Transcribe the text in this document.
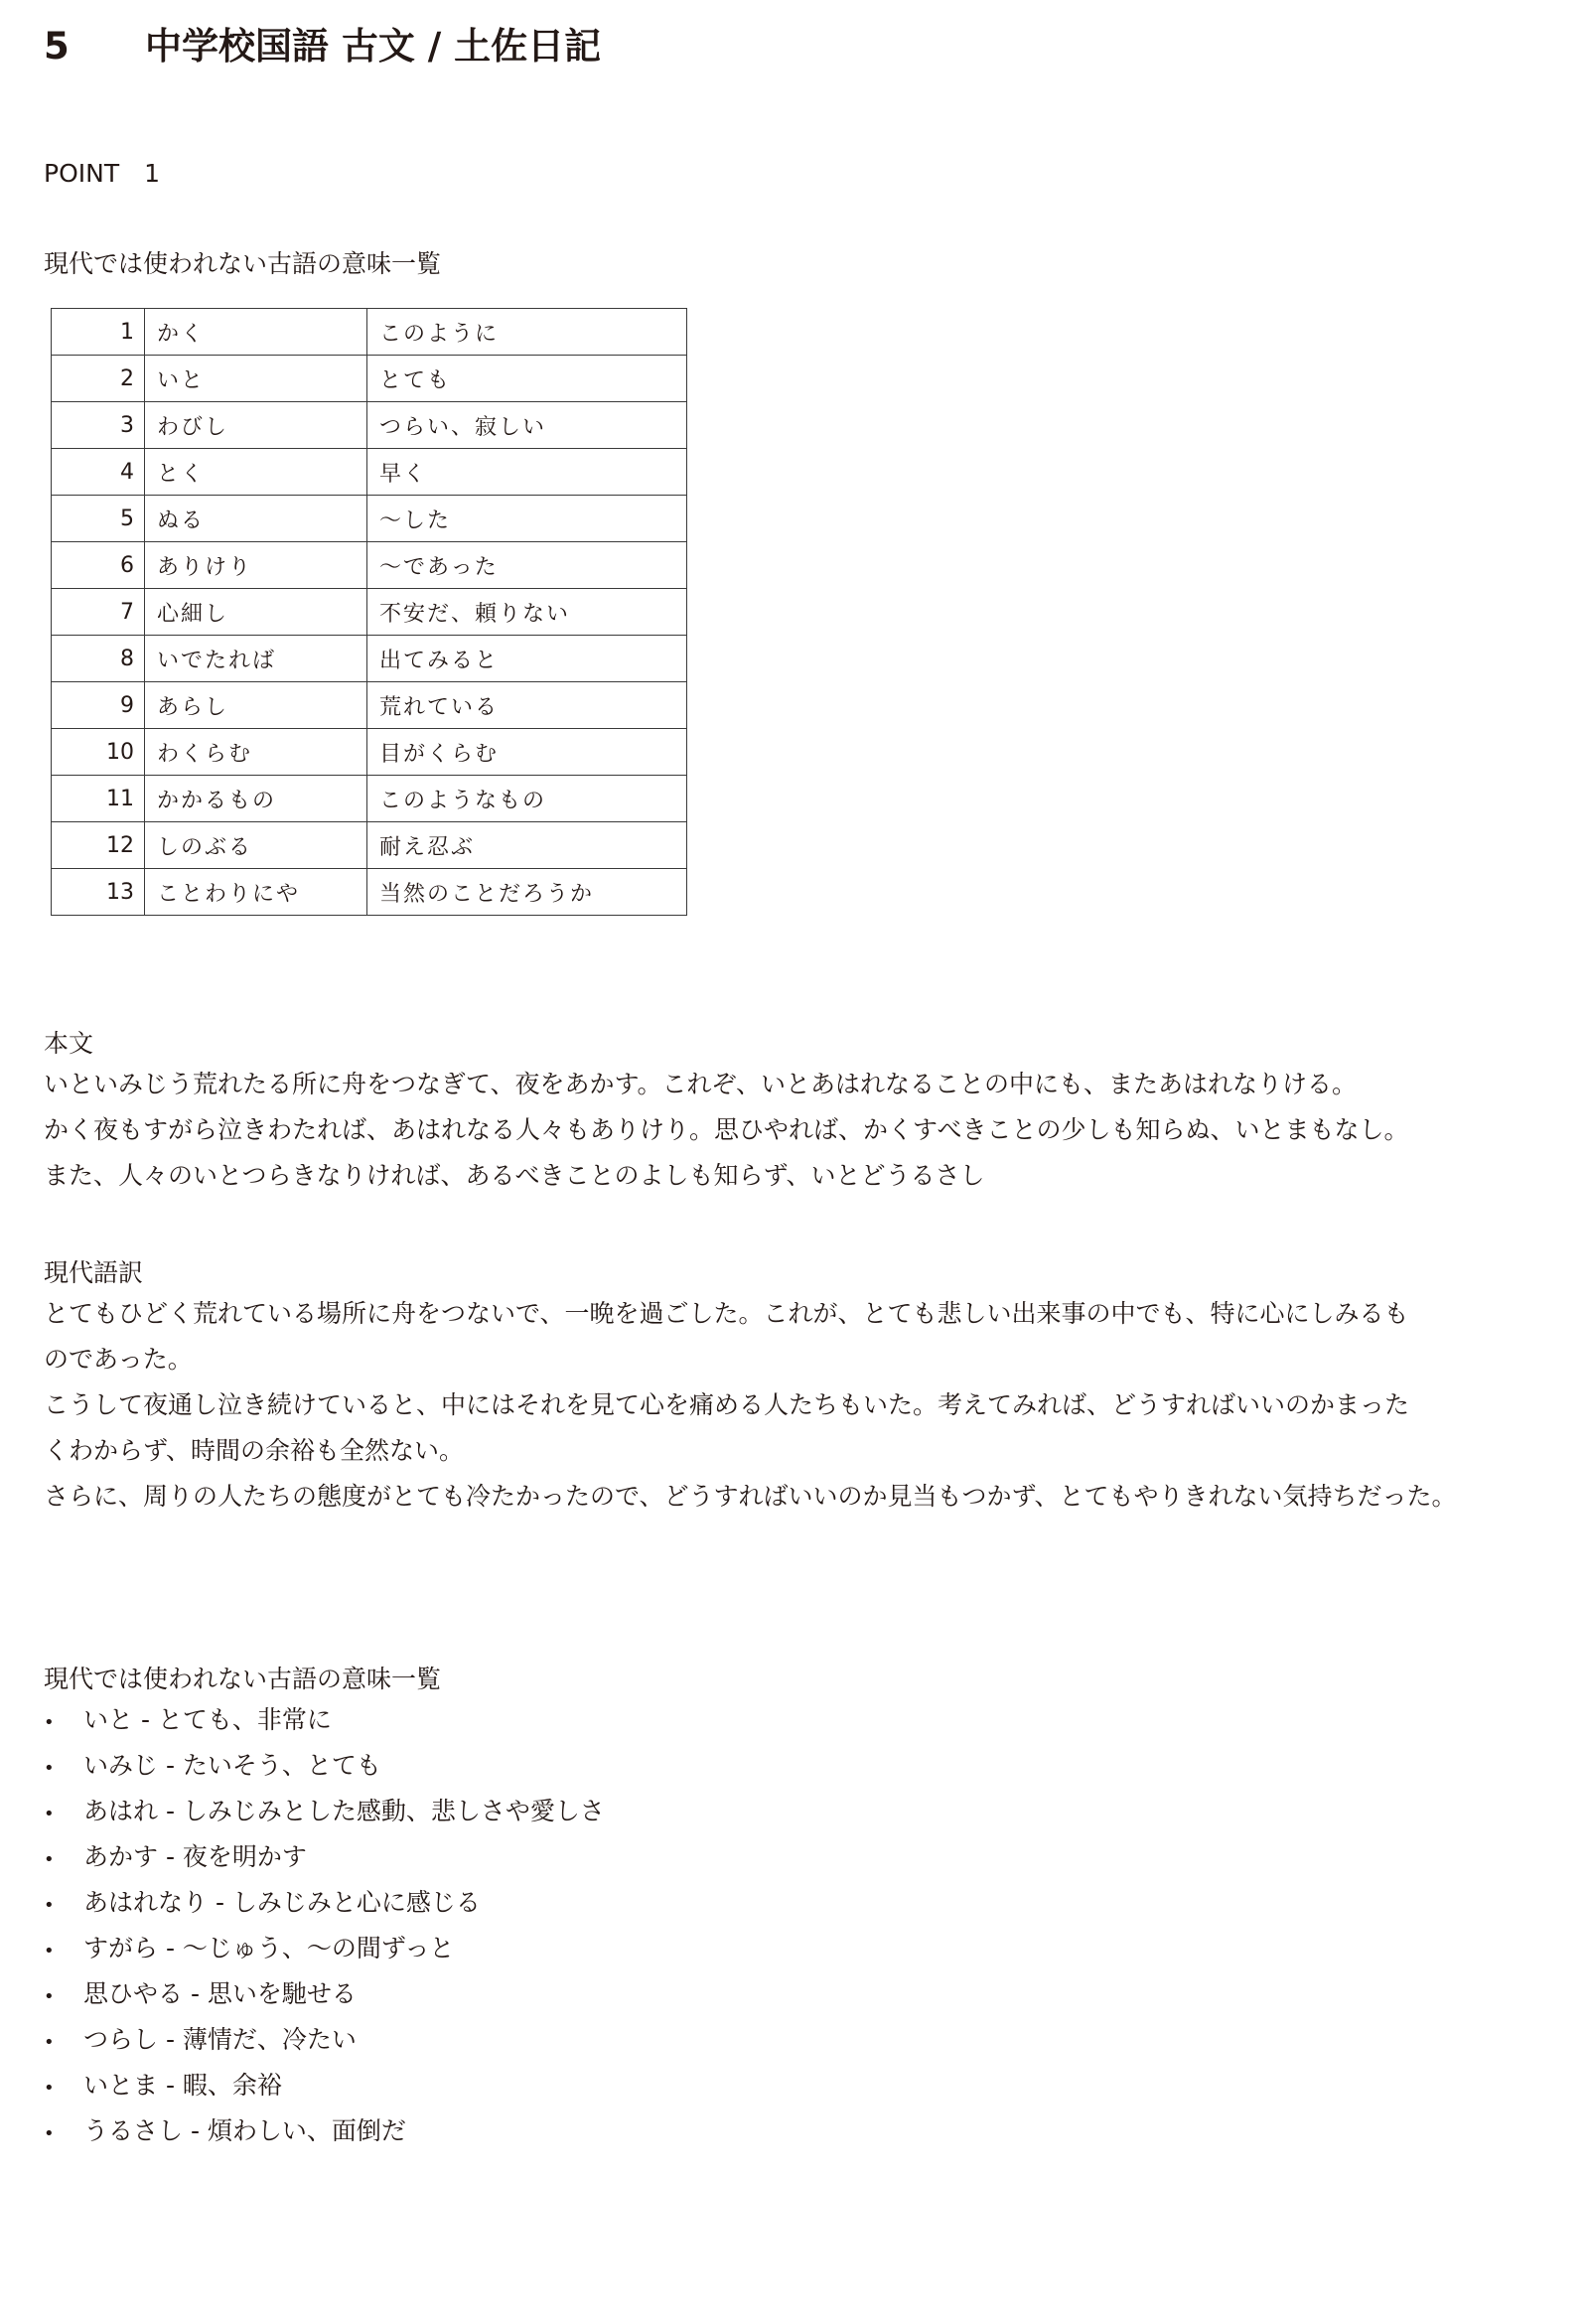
5 中学校国語 古文 / 土佐日記
POINT　1
現代では使われない古語の意味一覧
1	かく	このように
2	いと	とても
3	わびし	つらい、寂しい
4	とく	早く
5	ぬる	〜した
6	ありけり	〜であった
7	心細し	不安だ、頼りない
8	いでたれば	出てみると
9	あらし	荒れている
10	わくらむ	目がくらむ
11	かかるもの	このようなもの
12	しのぶる	耐え忍ぶ
13	ことわりにや	当然のことだろうか
本文
いといみじう荒れたる所に舟をつなぎて、夜をあかす。これぞ、いとあはれなることの中にも、またあはれなりける。
かく夜もすがら泣きわたれば、あはれなる人々もありけり。思ひやれば、かくすべきことの少しも知らぬ、いとまもなし。
また、人々のいとつらきなりければ、あるべきことのよしも知らず、いとどうるさし
現代語訳
とてもひどく荒れている場所に舟をつないで、一晩を過ごした。これが、とても悲しい出来事の中でも、特に心にしみるも
のであった。
こうして夜通し泣き続けていると、中にはそれを見て心を痛める人たちもいた。考えてみれば、どうすればいいのかまった
くわからず、時間の余裕も全然ない。
さらに、周りの人たちの態度がとても冷たかったので、どうすればいいのか見当もつかず、とてもやりきれない気持ちだった。
現代では使われない古語の意味一覧
• いと - とても、非常に
• いみじ - たいそう、とても
• あはれ - しみじみとした感動、悲しさや愛しさ
• あかす - 夜を明かす
• あはれなり - しみじみと心に感じる
• すがら - 〜じゅう、〜の間ずっと
• 思ひやる - 思いを馳せる
• つらし - 薄情だ、冷たい
• いとま - 暇、余裕
• うるさし - 煩わしい、面倒だ
